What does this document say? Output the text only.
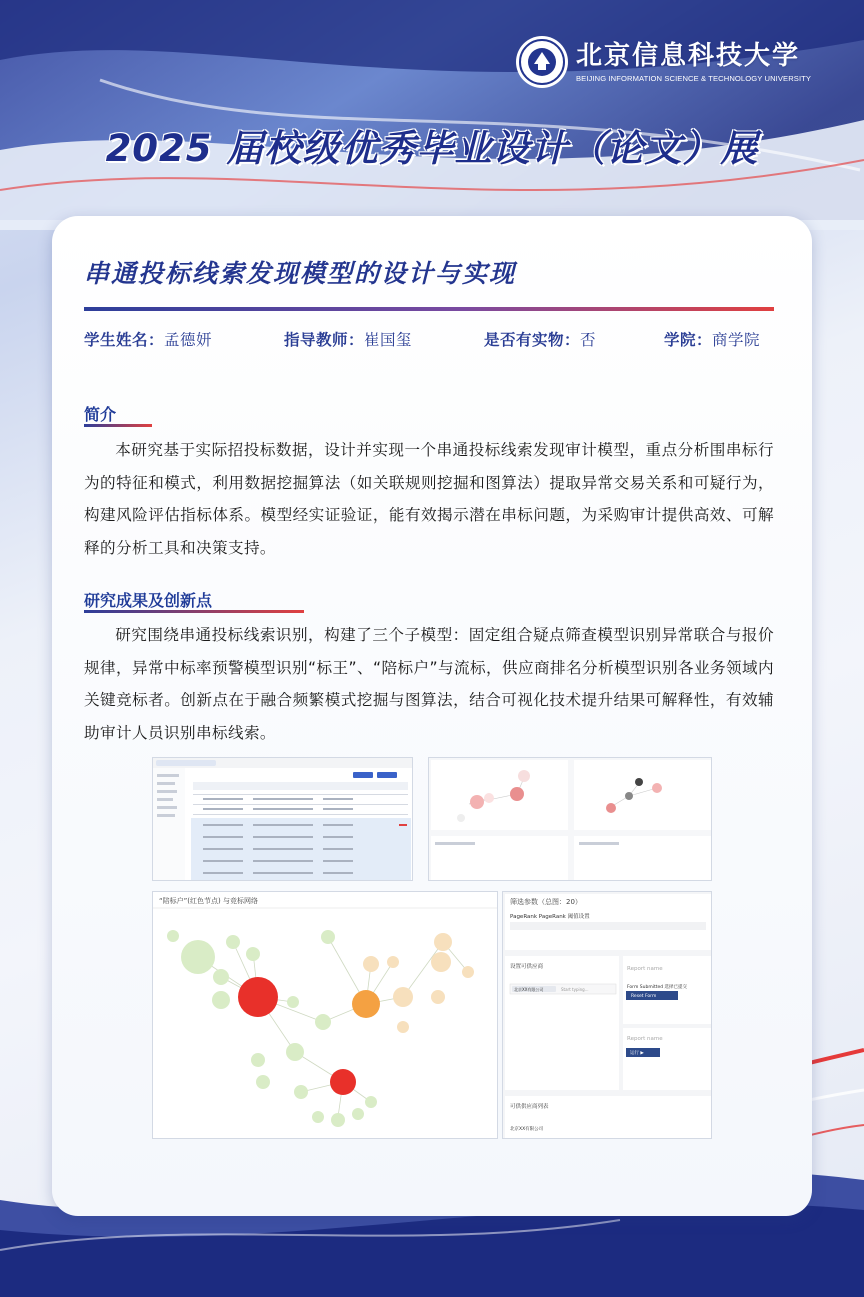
北京信息科技大学
BEIJING INFORMATION SCIENCE & TECHNOLOGY UNIVERSITY
2025 届校级优秀毕业设计（论文）展
串通投标线索发现模型的设计与实现
学生姓名：孟德妍	指导教师：崔国玺	是否有实物：否	学院：商学院
简介
本研究基于实际招投标数据，设计并实现一个串通投标线索发现审计模型，重点分析围串标行为的特征和模式，利用数据挖掘算法（如关联规则挖掘和图算法）提取异常交易关系和可疑行为，构建风险评估指标体系。模型经实证验证，能有效揭示潜在串标问题，为采购审计提供高效、可解释的分析工具和决策支持。
研究成果及创新点
研究围绕串通投标线索识别，构建了三个子模型：固定组合疑点筛查模型识别异常联合与报价规律，异常中标率预警模型识别“标王”、“陪标户”与流标，供应商排名分析模型识别各业务领域内关键竞标者。创新点在于融合频繁模式挖掘与图算法，结合可视化技术提升结果可解释性，有效辅助审计人员识别串标线索。
“陪标户”(红色节点) 与竞标网络	筛选参数（总图：20）
PageRank PageRank 阈值设置
设置可供应商
北京XX有限公司	Start typing...
Report name
Form Submitted 选择已提交
Reset Form
Report name
运行 ▶
可供供应商列表
北京XX有限公司
